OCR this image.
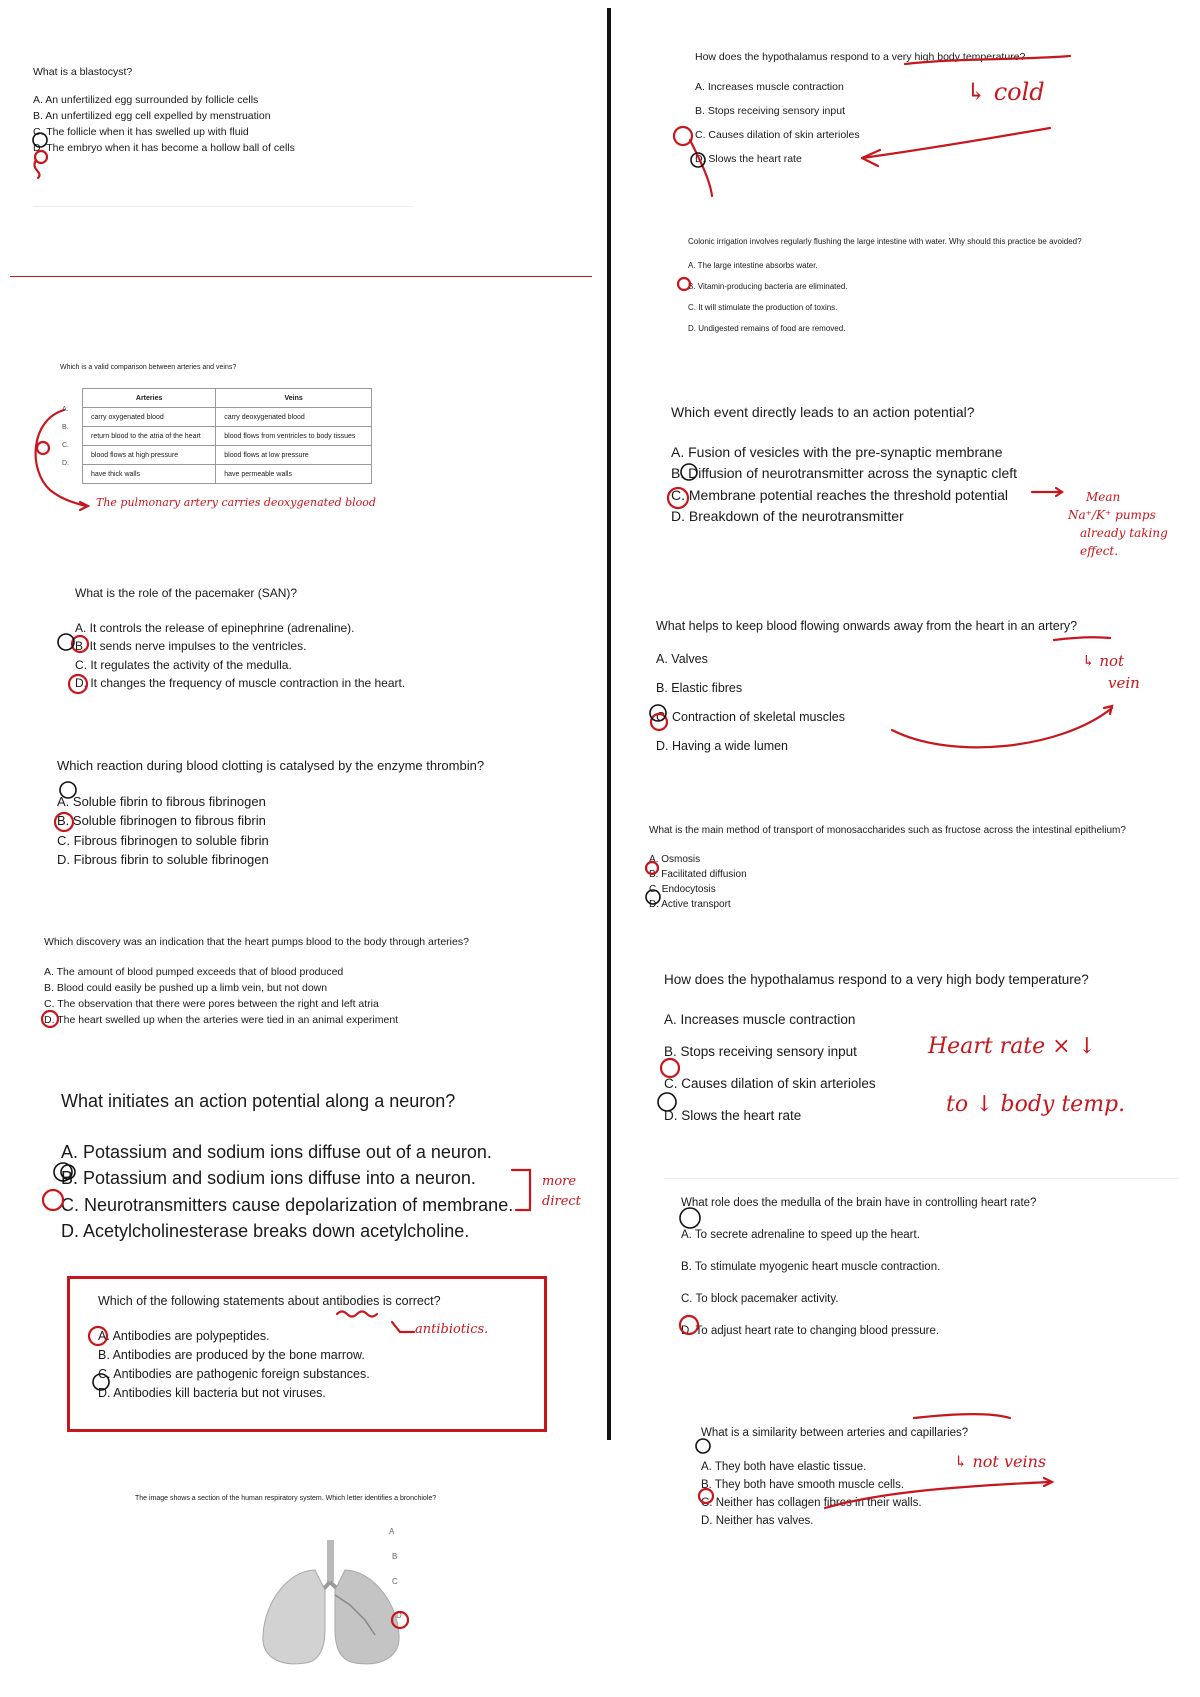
What is a blastocyst?

A. An unfertilized egg surrounded by follicle cells

B. An unfertilized egg cell expelled by menstruation

C. The follicle when it has swelled up with fluid

D. The embryo when it has become a hollow ball of cells

Which is a valid comparison between arteries and veins?

A.
B.
C.
D.
Arteries	Veins
carry oxygenated blood	carry deoxygenated blood
return blood to the atria of the heart	blood flows from ventricles to body tissues
blood flows at high pressure	blood flows at low pressure
have thick walls	have permeable walls
The pulmonary artery carries deoxygenated blood

What is the role of the pacemaker (SAN)?

A. It controls the release of epinephrine (adrenaline).

B. It sends nerve impulses to the ventricles.

C. It regulates the activity of the medulla.

D. It changes the frequency of muscle contraction in the heart.

Which reaction during blood clotting is catalysed by the enzyme thrombin?

A. Soluble fibrin to fibrous fibrinogen

B. Soluble fibrinogen to fibrous fibrin

C. Fibrous fibrinogen to soluble fibrin

D. Fibrous fibrin to soluble fibrinogen

Which discovery was an indication that the heart pumps blood to the body through arteries?

A. The amount of blood pumped exceeds that of blood produced

B. Blood could easily be pushed up a limb vein, but not down

C. The observation that there were pores between the right and left atria

D. The heart swelled up when the arteries were tied in an animal experiment

What initiates an action potential along a neuron?

A. Potassium and sodium ions diffuse out of a neuron.

B. Potassium and sodium ions diffuse into a neuron.

C. Neurotransmitters cause depolarization of membrane.

D. Acetylcholinesterase breaks down acetylcholine.

more direct

Which of the following statements about antibodies is correct?

A. Antibodies are polypeptides.

B. Antibodies are produced by the bone marrow.

C. Antibodies are pathogenic foreign substances.

D. Antibodies kill bacteria but not viruses.

antibiotics.

The image shows a section of the human respiratory system. Which letter identifies a bronchiole?

A
B
C
D

How does the hypothalamus respond to a very high body temperature?

A. Increases muscle contraction

B. Stops receiving sensory input

C. Causes dilation of skin arterioles

D. Slows the heart rate

↳ cold

Colonic irrigation involves regularly flushing the large intestine with water. Why should this practice be avoided?

A. The large intestine absorbs water.

B. Vitamin-producing bacteria are eliminated.

C. It will stimulate the production of toxins.

D. Undigested remains of food are removed.

Which event directly leads to an action potential?

A. Fusion of vesicles with the pre-synaptic membrane

B. Diffusion of neurotransmitter across the synaptic cleft

C. Membrane potential reaches the threshold potential

D. Breakdown of the neurotransmitter

Mean
Na⁺/K⁺ pumps
already taking effect.

What helps to keep blood flowing onwards away from the heart in an artery?

A. Valves

B. Elastic fibres

C. Contraction of skeletal muscles

D. Having a wide lumen

↳ not
vein

What is the main method of transport of monosaccharides such as fructose across the intestinal epithelium?

A. Osmosis

B. Facilitated diffusion

C. Endocytosis

D. Active transport

How does the hypothalamus respond to a very high body temperature?

A. Increases muscle contraction

B. Stops receiving sensory input

C. Causes dilation of skin arterioles

D. Slows the heart rate

Heart rate × ↓
to ↓ body temp.

What role does the medulla of the brain have in controlling heart rate?

A. To secrete adrenaline to speed up the heart.

B. To stimulate myogenic heart muscle contraction.

C. To block pacemaker activity.

D. To adjust heart rate to changing blood pressure.

What is a similarity between arteries and capillaries?

A. They both have elastic tissue.

B. They both have smooth muscle cells.

C. Neither has collagen fibres in their walls.

D. Neither has valves.

↳ not veins
